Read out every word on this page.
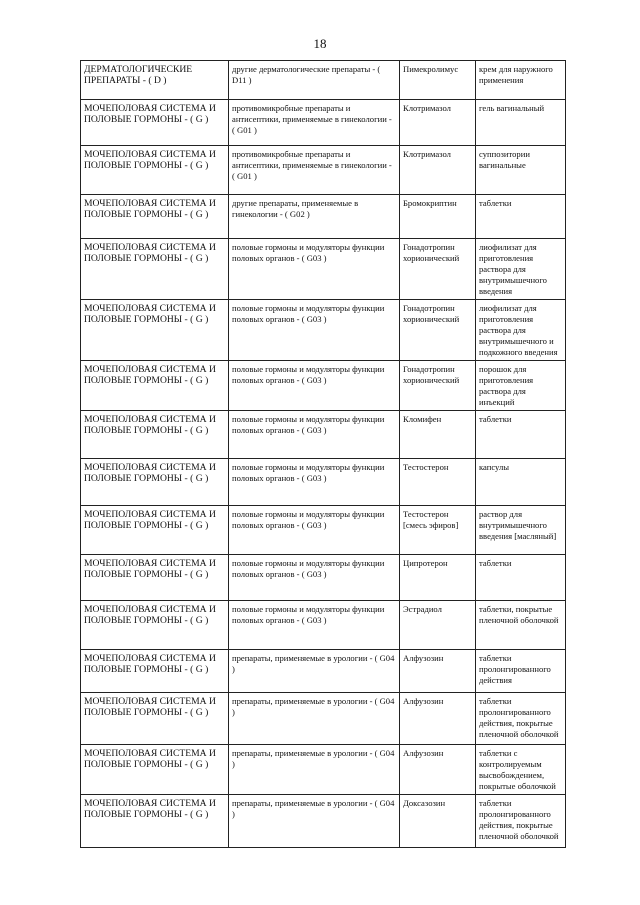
18
ДЕРМАТОЛОГИЧЕСКИЕ ПРЕПАРАТЫ - ( D )	другие дерматологические препараты - ( D11 )	Пимекролимус	крем для наружного применения
МОЧЕПОЛОВАЯ СИСТЕМА И ПОЛОВЫЕ ГОРМОНЫ - ( G )	противомикробные препараты и антисептики, применяемые в гинекологии - ( G01 )	Клотримазол	гель вагинальный
МОЧЕПОЛОВАЯ СИСТЕМА И ПОЛОВЫЕ ГОРМОНЫ - ( G )	противомикробные препараты и антисептики, применяемые в гинекологии - ( G01 )	Клотримазол	суппозитории вагинальные
МОЧЕПОЛОВАЯ СИСТЕМА И ПОЛОВЫЕ ГОРМОНЫ - ( G )	другие препараты, применяемые в гинекологии - ( G02 )	Бромокриптин	таблетки
МОЧЕПОЛОВАЯ СИСТЕМА И ПОЛОВЫЕ ГОРМОНЫ - ( G )	половые гормоны и модуляторы функции половых органов - ( G03 )	Гонадотропин хорионический	лиофилизат для приготовления раствора для внутримышечного введения
МОЧЕПОЛОВАЯ СИСТЕМА И ПОЛОВЫЕ ГОРМОНЫ - ( G )	половые гормоны и модуляторы функции половых органов - ( G03 )	Гонадотропин хорионический	лиофилизат для приготовления раствора для внутримышечного и подкожного введения
МОЧЕПОЛОВАЯ СИСТЕМА И ПОЛОВЫЕ ГОРМОНЫ - ( G )	половые гормоны и модуляторы функции половых органов - ( G03 )	Гонадотропин хорионический	порошок для приготовления раствора для инъекций
МОЧЕПОЛОВАЯ СИСТЕМА И ПОЛОВЫЕ ГОРМОНЫ - ( G )	половые гормоны и модуляторы функции половых органов - ( G03 )	Кломифен	таблетки
МОЧЕПОЛОВАЯ СИСТЕМА И ПОЛОВЫЕ ГОРМОНЫ - ( G )	половые гормоны и модуляторы функции половых органов - ( G03 )	Тестостерон	капсулы
МОЧЕПОЛОВАЯ СИСТЕМА И ПОЛОВЫЕ ГОРМОНЫ - ( G )	половые гормоны и модуляторы функции половых органов - ( G03 )	Тестостерон [смесь эфиров]	раствор для внутримышечного введения [масляный]
МОЧЕПОЛОВАЯ СИСТЕМА И ПОЛОВЫЕ ГОРМОНЫ - ( G )	половые гормоны и модуляторы функции половых органов - ( G03 )	Ципротерон	таблетки
МОЧЕПОЛОВАЯ СИСТЕМА И ПОЛОВЫЕ ГОРМОНЫ - ( G )	половые гормоны и модуляторы функции половых органов - ( G03 )	Эстрадиол	таблетки, покрытые пленочной оболочкой
МОЧЕПОЛОВАЯ СИСТЕМА И ПОЛОВЫЕ ГОРМОНЫ - ( G )	препараты, применяемые в урологии - ( G04 )	Алфузозин	таблетки пролонгированного действия
МОЧЕПОЛОВАЯ СИСТЕМА И ПОЛОВЫЕ ГОРМОНЫ - ( G )	препараты, применяемые в урологии - ( G04 )	Алфузозин	таблетки пролонгированного действия, покрытые пленочной оболочкой
МОЧЕПОЛОВАЯ СИСТЕМА И ПОЛОВЫЕ ГОРМОНЫ - ( G )	препараты, применяемые в урологии - ( G04 )	Алфузозин	таблетки с контролируемым высвобождением, покрытые оболочкой
МОЧЕПОЛОВАЯ СИСТЕМА И ПОЛОВЫЕ ГОРМОНЫ - ( G )	препараты, применяемые в урологии - ( G04 )	Доксазозин	таблетки пролонгированного действия, покрытые пленочной оболочкой
